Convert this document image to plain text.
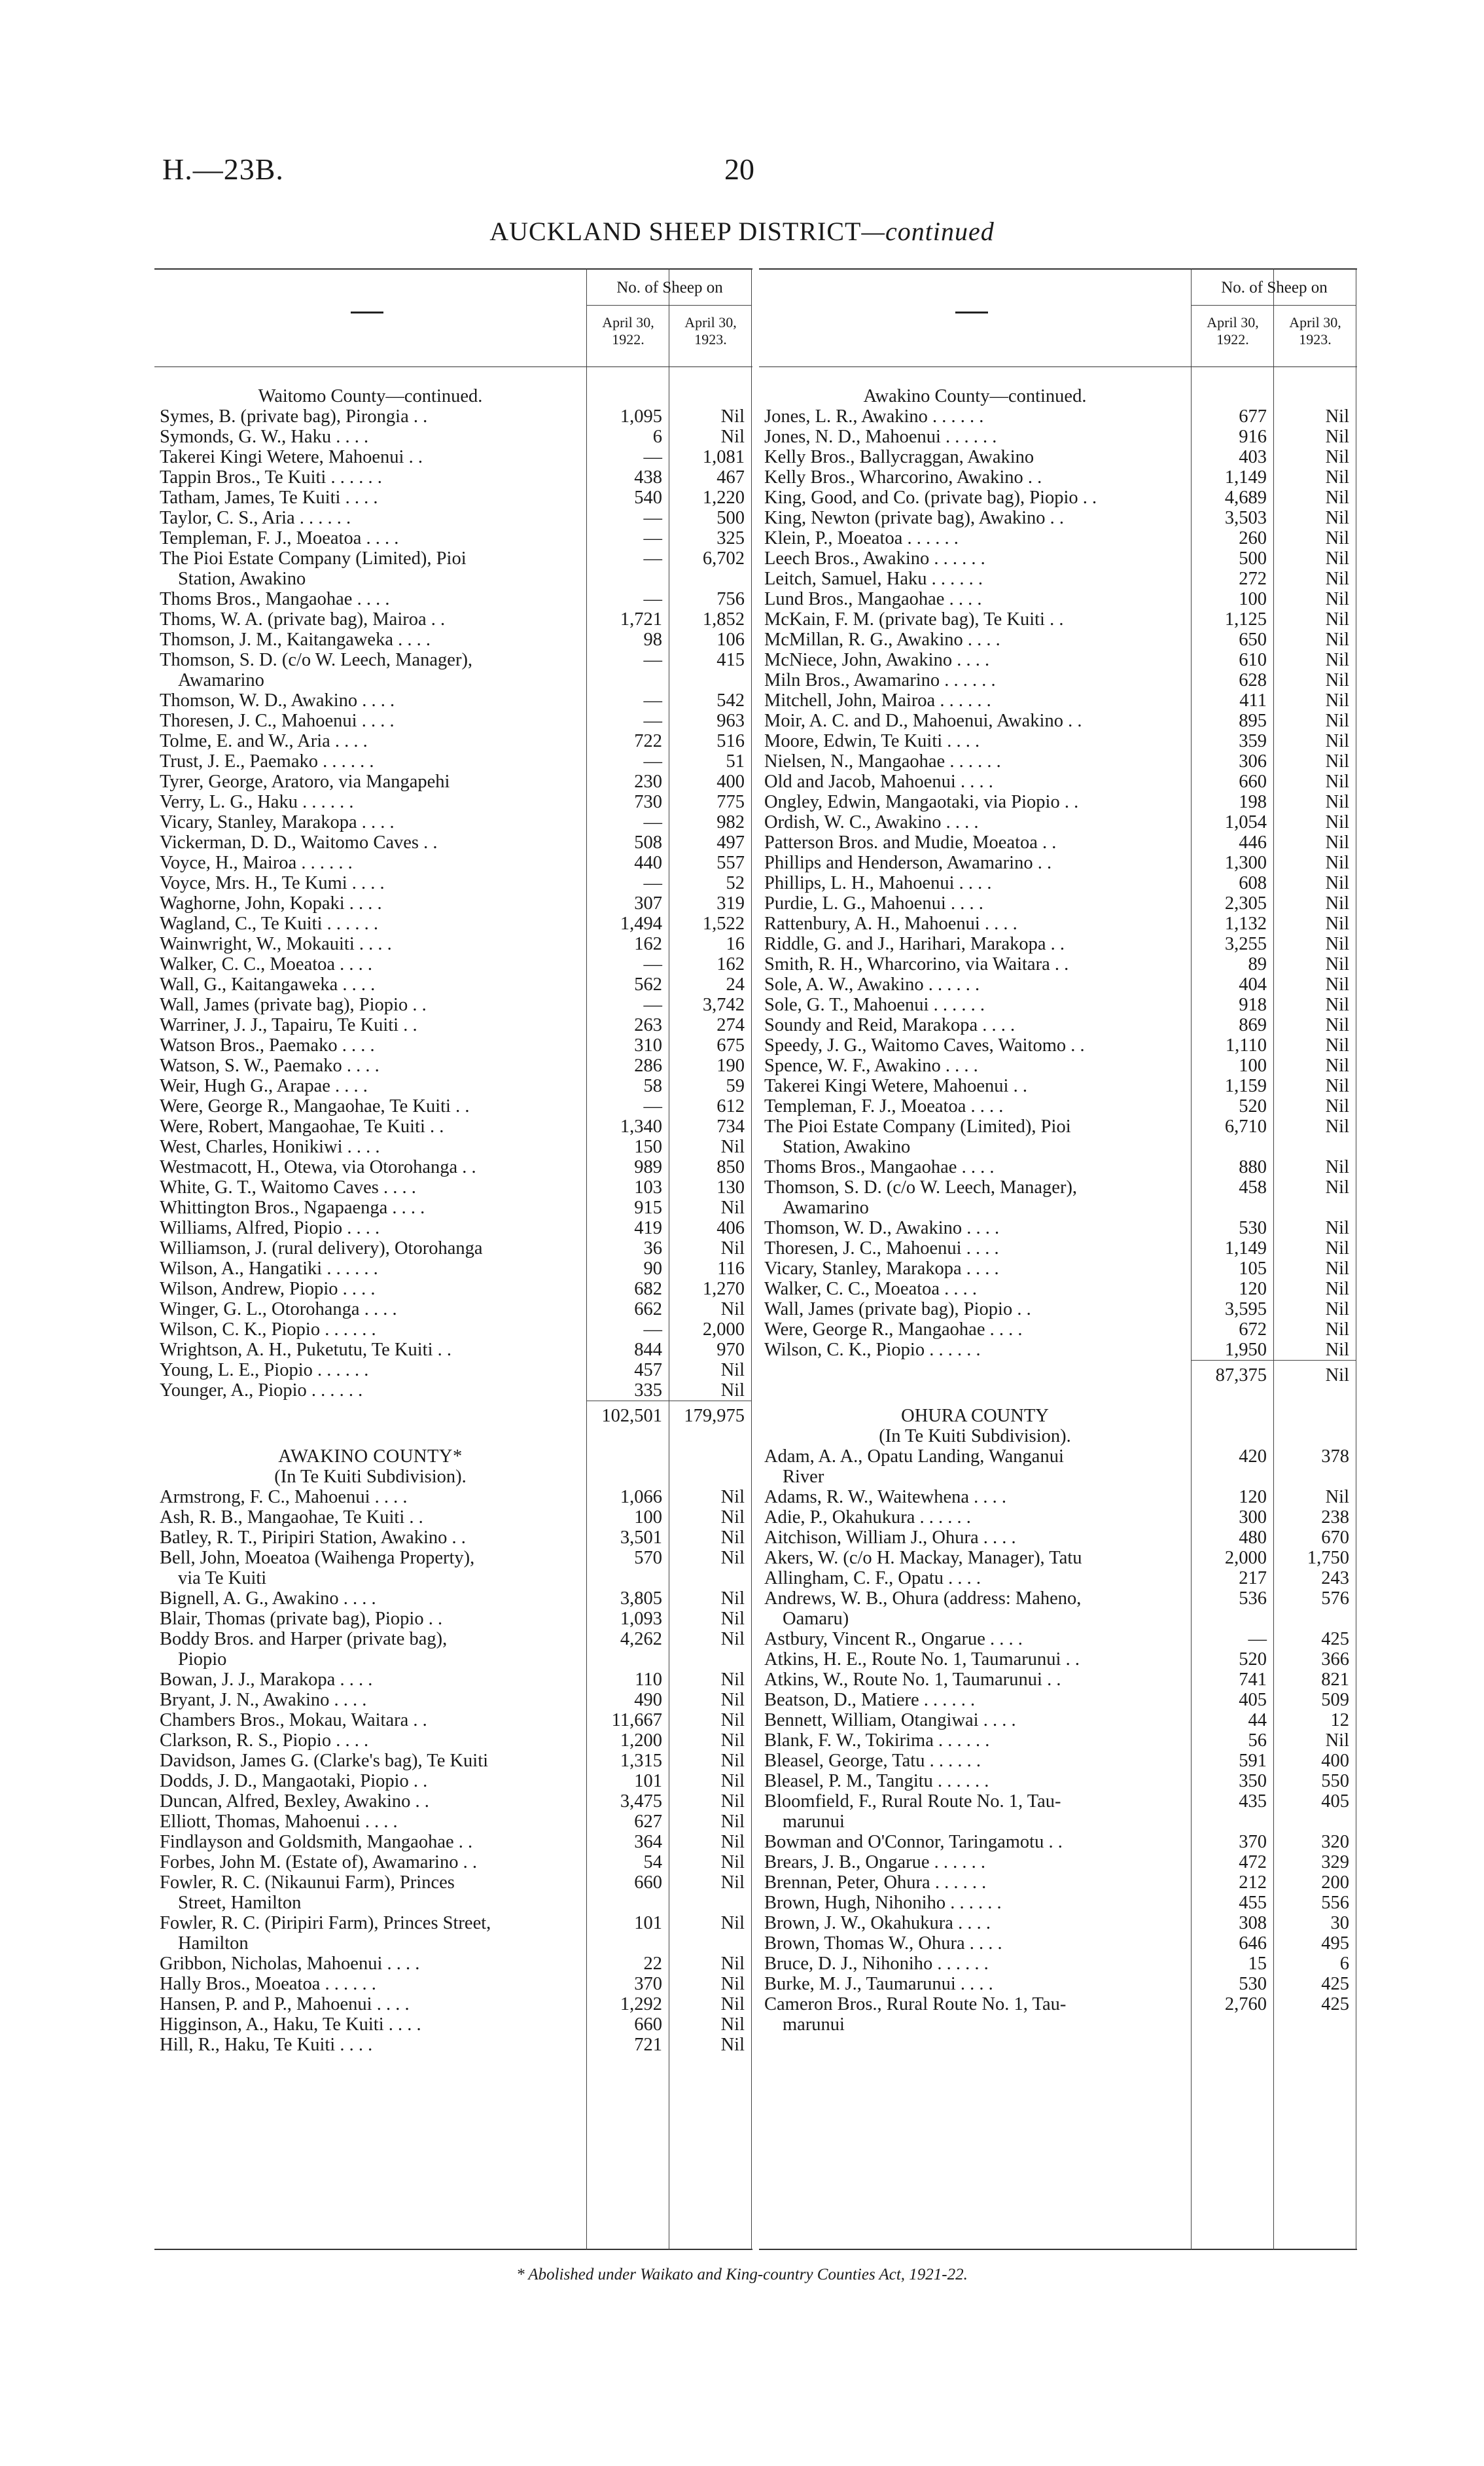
H.—23B.	20
AUCKLAND SHEEP DISTRICT—continued
No. of Sheep on
April 30, 1922.
April 30, 1923.
Waitomo County—continued.
Symes, B. (private bag), Pirongia . .	1,095	Nil
Symonds, G. W., Haku . . . .	6	Nil
Takerei Kingi Wetere, Mahoenui . .	—	1,081
Tappin Bros., Te Kuiti . . . . . .	438	467
Tatham, James, Te Kuiti . . . .	540	1,220
Taylor, C. S., Aria . . . . . .	—	500
Templeman, F. J., Moeatoa . . . .	—	325
The Pioi Estate Company (Limited), Pioi	—	6,702
Station, Awakino
Thoms Bros., Mangaohae . . . .	—	756
Thoms, W. A. (private bag), Mairoa . .	1,721	1,852
Thomson, J. M., Kaitangaweka . . . .	98	106
Thomson, S. D. (c/o W. Leech, Manager),	—	415
Awamarino
Thomson, W. D., Awakino . . . .	—	542
Thoresen, J. C., Mahoenui . . . .	—	963
Tolme, E. and W., Aria . . . .	722	516
Trust, J. E., Paemako . . . . . .	—	51
Tyrer, George, Aratoro, via Mangapehi	230	400
Verry, L. G., Haku . . . . . .	730	775
Vicary, Stanley, Marakopa . . . .	—	982
Vickerman, D. D., Waitomo Caves . .	508	497
Voyce, H., Mairoa . . . . . .	440	557
Voyce, Mrs. H., Te Kumi . . . .	—	52
Waghorne, John, Kopaki . . . .	307	319
Wagland, C., Te Kuiti . . . . . .	1,494	1,522
Wainwright, W., Mokauiti . . . .	162	16
Walker, C. C., Moeatoa . . . .	—	162
Wall, G., Kaitangaweka . . . .	562	24
Wall, James (private bag), Piopio . .	—	3,742
Warriner, J. J., Tapairu, Te Kuiti . .	263	274
Watson Bros., Paemako . . . .	310	675
Watson, S. W., Paemako . . . .	286	190
Weir, Hugh G., Arapae . . . .	58	59
Were, George R., Mangaohae, Te Kuiti . .	—	612
Were, Robert, Mangaohae, Te Kuiti . .	1,340	734
West, Charles, Honikiwi . . . .	150	Nil
Westmacott, H., Otewa, via Otorohanga . .	989	850
White, G. T., Waitomo Caves . . . .	103	130
Whittington Bros., Ngapaenga . . . .	915	Nil
Williams, Alfred, Piopio . . . .	419	406
Williamson, J. (rural delivery), Otorohanga	36	Nil
Wilson, A., Hangatiki . . . . . .	90	116
Wilson, Andrew, Piopio . . . .	682	1,270
Winger, G. L., Otorohanga . . . .	662	Nil
Wilson, C. K., Piopio . . . . . .	—	2,000
Wrightson, A. H., Puketutu, Te Kuiti . .	844	970
Young, L. E., Piopio . . . . . .	457	Nil
Younger, A., Piopio . . . . . .	335	Nil
102,501	179,975
AWAKINO COUNTY*
(In Te Kuiti Subdivision).
Armstrong, F. C., Mahoenui . . . .	1,066	Nil
Ash, R. B., Mangaohae, Te Kuiti . .	100	Nil
Batley, R. T., Piripiri Station, Awakino . .	3,501	Nil
Bell, John, Moeatoa (Waihenga Property),	570	Nil
via Te Kuiti
Bignell, A. G., Awakino . . . .	3,805	Nil
Blair, Thomas (private bag), Piopio . .	1,093	Nil
Boddy Bros. and Harper (private bag),	4,262	Nil
Piopio
Bowan, J. J., Marakopa . . . .	110	Nil
Bryant, J. N., Awakino . . . .	490	Nil
Chambers Bros., Mokau, Waitara . .	11,667	Nil
Clarkson, R. S., Piopio . . . .	1,200	Nil
Davidson, James G. (Clarke's bag), Te Kuiti	1,315	Nil
Dodds, J. D., Mangaotaki, Piopio . .	101	Nil
Duncan, Alfred, Bexley, Awakino . .	3,475	Nil
Elliott, Thomas, Mahoenui . . . .	627	Nil
Findlayson and Goldsmith, Mangaohae . .	364	Nil
Forbes, John M. (Estate of), Awamarino . .	54	Nil
Fowler, R. C. (Nikaunui Farm), Princes	660	Nil
Street, Hamilton
Fowler, R. C. (Piripiri Farm), Princes Street,	101	Nil
Hamilton
Gribbon, Nicholas, Mahoenui . . . .	22	Nil
Hally Bros., Moeatoa . . . . . .	370	Nil
Hansen, P. and P., Mahoenui . . . .	1,292	Nil
Higginson, A., Haku, Te Kuiti . . . .	660	Nil
Hill, R., Haku, Te Kuiti . . . .	721	Nil
No. of Sheep on
April 30, 1922.
April 30, 1923.
Awakino County—continued.
Jones, L. R., Awakino . . . . . .	677	Nil
Jones, N. D., Mahoenui . . . . . .	916	Nil
Kelly Bros., Ballycraggan, Awakino	403	Nil
Kelly Bros., Wharcorino, Awakino . .	1,149	Nil
King, Good, and Co. (private bag), Piopio . .	4,689	Nil
King, Newton (private bag), Awakino . .	3,503	Nil
Klein, P., Moeatoa . . . . . .	260	Nil
Leech Bros., Awakino . . . . . .	500	Nil
Leitch, Samuel, Haku . . . . . .	272	Nil
Lund Bros., Mangaohae . . . .	100	Nil
McKain, F. M. (private bag), Te Kuiti . .	1,125	Nil
McMillan, R. G., Awakino . . . .	650	Nil
McNiece, John, Awakino . . . .	610	Nil
Miln Bros., Awamarino . . . . . .	628	Nil
Mitchell, John, Mairoa . . . . . .	411	Nil
Moir, A. C. and D., Mahoenui, Awakino . .	895	Nil
Moore, Edwin, Te Kuiti . . . .	359	Nil
Nielsen, N., Mangaohae . . . . . .	306	Nil
Old and Jacob, Mahoenui . . . .	660	Nil
Ongley, Edwin, Mangaotaki, via Piopio . .	198	Nil
Ordish, W. C., Awakino . . . .	1,054	Nil
Patterson Bros. and Mudie, Moeatoa . .	446	Nil
Phillips and Henderson, Awamarino . .	1,300	Nil
Phillips, L. H., Mahoenui . . . .	608	Nil
Purdie, L. G., Mahoenui . . . .	2,305	Nil
Rattenbury, A. H., Mahoenui . . . .	1,132	Nil
Riddle, G. and J., Harihari, Marakopa . .	3,255	Nil
Smith, R. H., Wharcorino, via Waitara . .	89	Nil
Sole, A. W., Awakino . . . . . .	404	Nil
Sole, G. T., Mahoenui . . . . . .	918	Nil
Soundy and Reid, Marakopa . . . .	869	Nil
Speedy, J. G., Waitomo Caves, Waitomo . .	1,110	Nil
Spence, W. F., Awakino . . . .	100	Nil
Takerei Kingi Wetere, Mahoenui . .	1,159	Nil
Templeman, F. J., Moeatoa . . . .	520	Nil
The Pioi Estate Company (Limited), Pioi	6,710	Nil
Station, Awakino
Thoms Bros., Mangaohae . . . .	880	Nil
Thomson, S. D. (c/o W. Leech, Manager),	458	Nil
Awamarino
Thomson, W. D., Awakino . . . .	530	Nil
Thoresen, J. C., Mahoenui . . . .	1,149	Nil
Vicary, Stanley, Marakopa . . . .	105	Nil
Walker, C. C., Moeatoa . . . .	120	Nil
Wall, James (private bag), Piopio . .	3,595	Nil
Were, George R., Mangaohae . . . .	672	Nil
Wilson, C. K., Piopio . . . . . .	1,950	Nil
87,375	Nil
OHURA COUNTY
(In Te Kuiti Subdivision).
Adam, A. A., Opatu Landing, Wanganui	420	378
River
Adams, R. W., Waitewhena . . . .	120	Nil
Adie, P., Okahukura . . . . . .	300	238
Aitchison, William J., Ohura . . . .	480	670
Akers, W. (c/o H. Mackay, Manager), Tatu	2,000	1,750
Allingham, C. F., Opatu . . . .	217	243
Andrews, W. B., Ohura (address: Maheno,	536	576
Oamaru)
Astbury, Vincent R., Ongarue . . . .	—	425
Atkins, H. E., Route No. 1, Taumarunui . .	520	366
Atkins, W., Route No. 1, Taumarunui . .	741	821
Beatson, D., Matiere . . . . . .	405	509
Bennett, William, Otangiwai . . . .	44	12
Blank, F. W., Tokirima . . . . . .	56	Nil
Bleasel, George, Tatu . . . . . .	591	400
Bleasel, P. M., Tangitu . . . . . .	350	550
Bloomfield, F., Rural Route No. 1, Tau-	435	405
marunui
Bowman and O'Connor, Taringamotu . .	370	320
Brears, J. B., Ongarue . . . . . .	472	329
Brennan, Peter, Ohura . . . . . .	212	200
Brown, Hugh, Nihoniho . . . . . .	455	556
Brown, J. W., Okahukura . . . .	308	30
Brown, Thomas W., Ohura . . . .	646	495
Bruce, D. J., Nihoniho . . . . . .	15	6
Burke, M. J., Taumarunui . . . .	530	425
Cameron Bros., Rural Route No. 1, Tau-	2,760	425
marunui
* Abolished under Waikato and King-country Counties Act, 1921-22.
